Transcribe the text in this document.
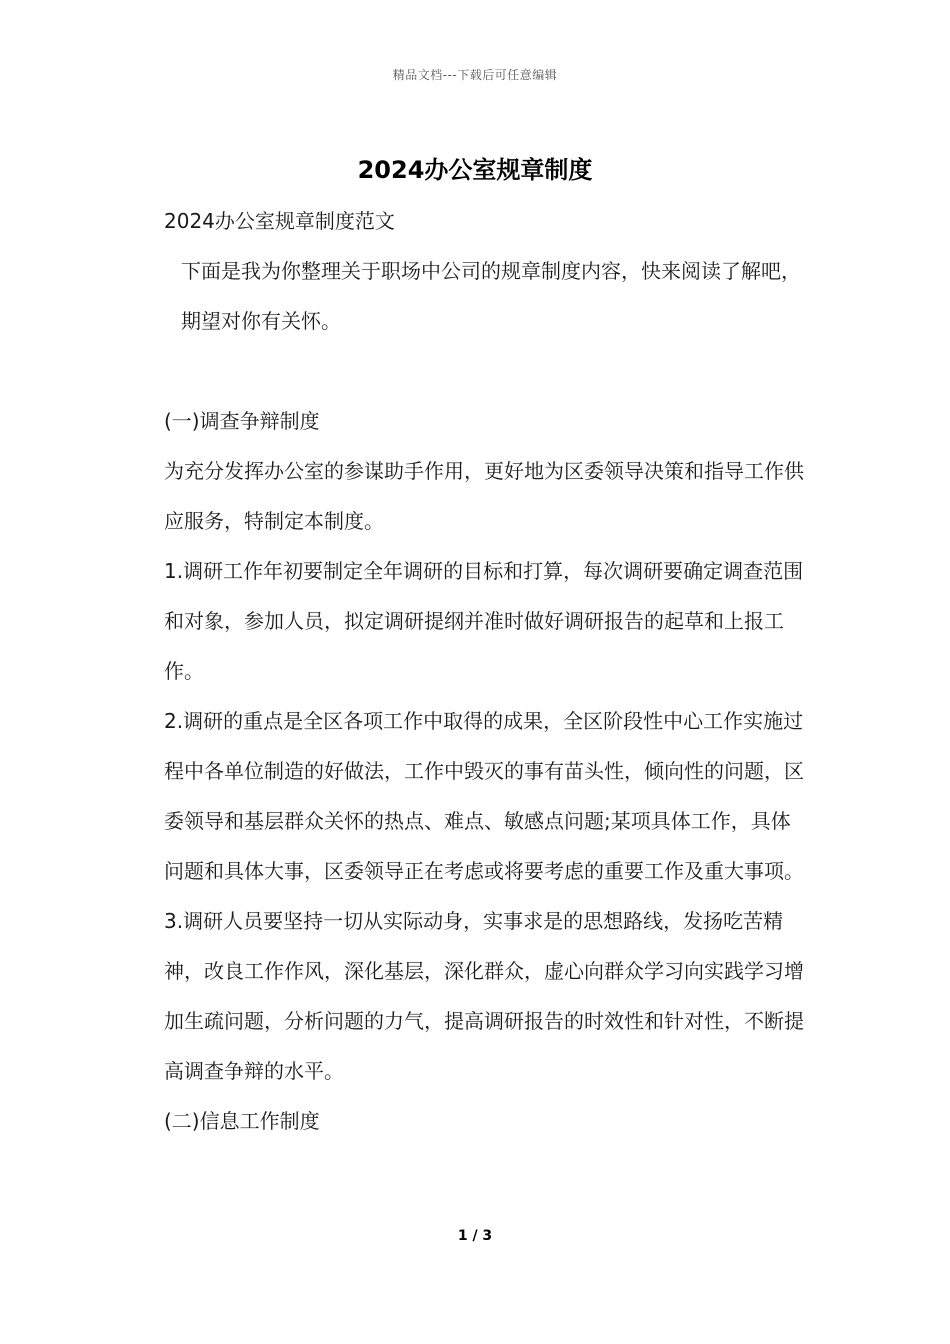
精品文档---下载后可任意编辑
2024办公室规章制度

2024办公室规章制度范文

下面是我为你整理关于职场中公司的规章制度内容，快来阅读了解吧，期望对你有关怀。

(一)调查争辩制度

为充分发挥办公室的参谋助手作用，更好地为区委领导决策和指导工作供应服务，特制定本制度。

1.调研工作年初要制定全年调研的目标和打算，每次调研要确定调查范围和对象，参加人员，拟定调研提纲并准时做好调研报告的起草和上报工作。

2.调研的重点是全区各项工作中取得的成果，全区阶段性中心工作实施过程中各单位制造的好做法，工作中毁灭的事有苗头性，倾向性的问题，区委领导和基层群众关怀的热点、难点、敏感点问题;某项具体工作，具体问题和具体大事，区委领导正在考虑或将要考虑的重要工作及重大事项。

3.调研人员要坚持一切从实际动身，实事求是的思想路线，发扬吃苦精神，改良工作作风，深化基层，深化群众，虚心向群众学习向实践学习增加生疏问题，分析问题的力气，提高调研报告的时效性和针对性，不断提高调查争辩的水平。

(二)信息工作制度

1 / 3
